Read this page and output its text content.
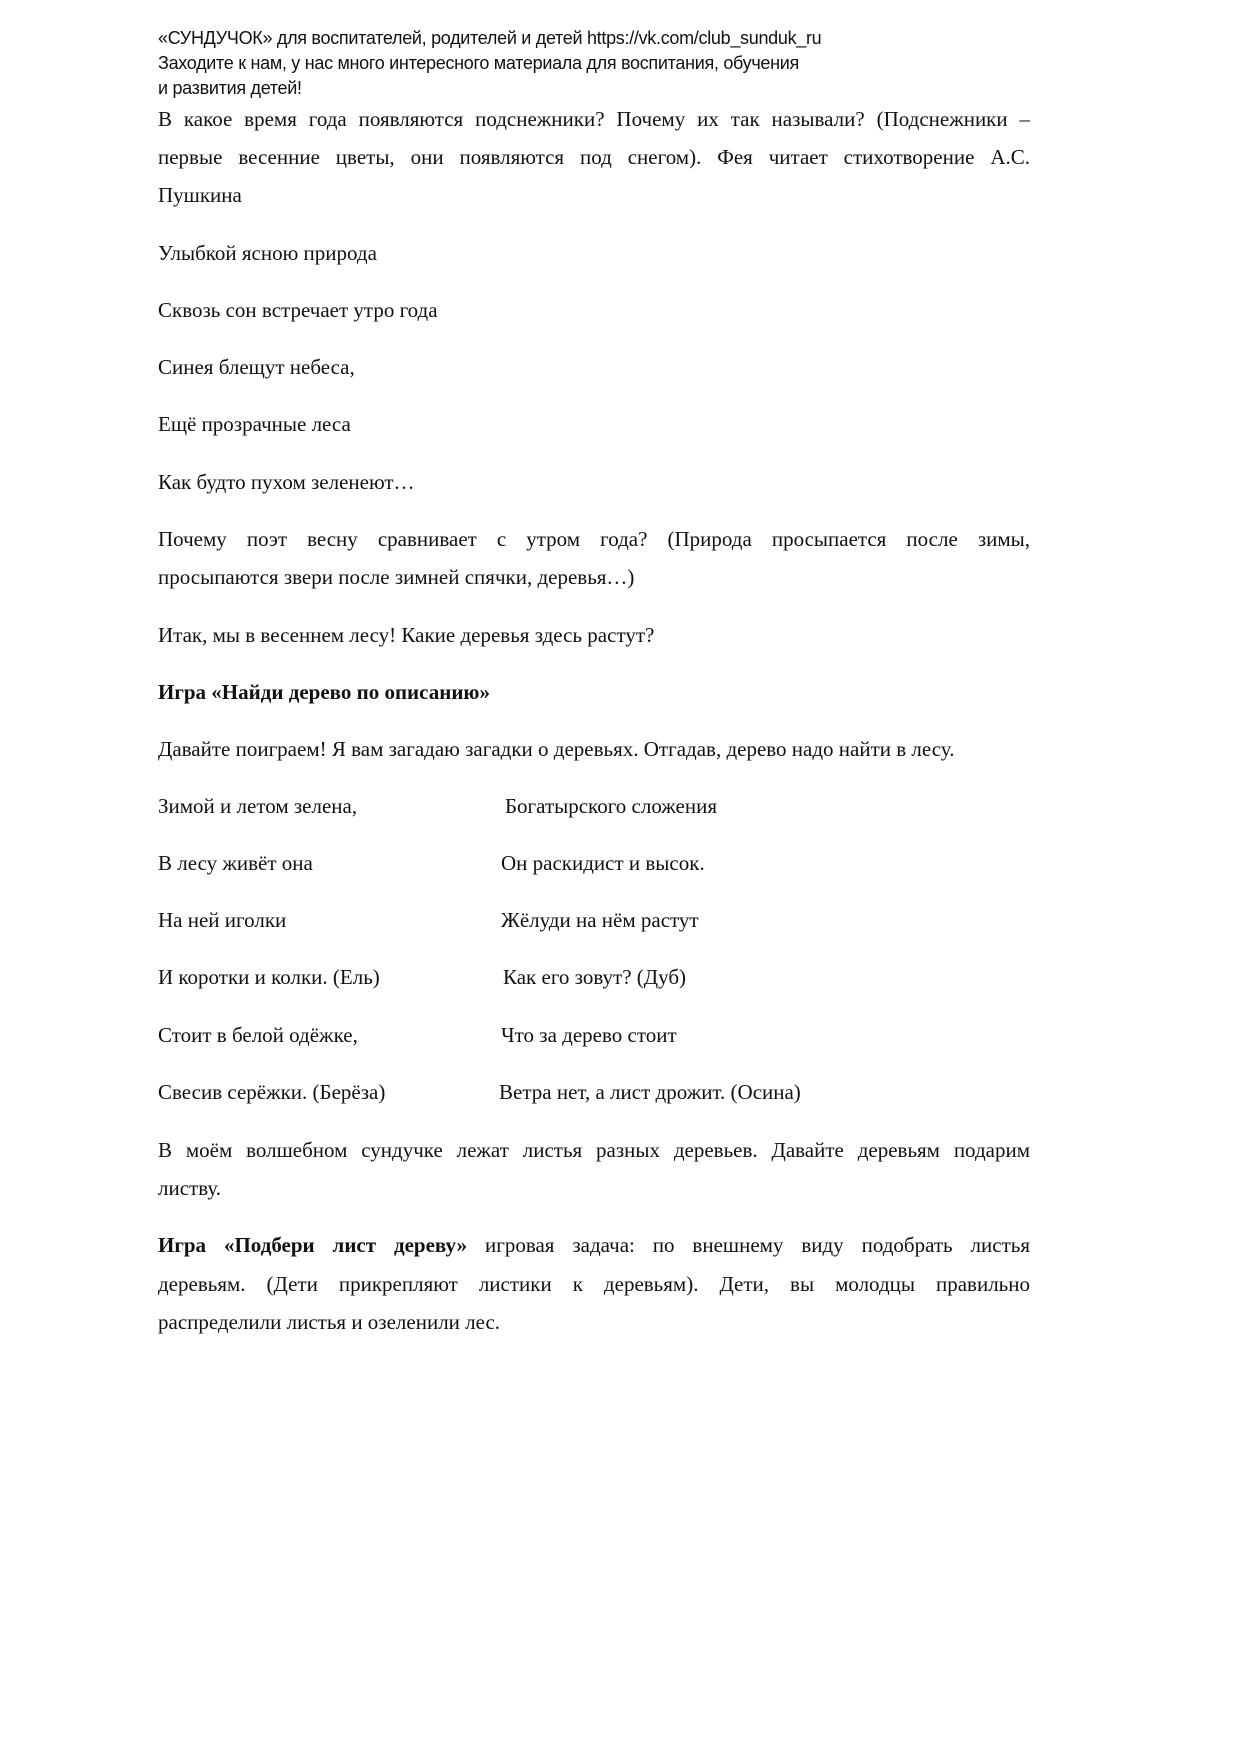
«СУНДУЧОК» для воспитателей, родителей и детей https://vk.com/club_sunduk_ru
Заходите к нам, у нас много интересного материала для воспитания, обучения
и развития детей!
В какое время года появляются подснежники? Почему их так называли? (Подснежники –
первые весенние цветы, они появляются под снегом). Фея читает стихотворение А.С.
Пушкина
Улыбкой ясною природа
Сквозь сон встречает утро года
Синея блещут небеса,
Ещё прозрачные леса
Как будто пухом зеленеют…
Почему поэт весну сравнивает с утром года? (Природа просыпается после зимы,
просыпаются звери после зимней спячки, деревья…)
Итак, мы в весеннем лесу! Какие деревья здесь растут?
Игра «Найди дерево по описанию»
Давайте поиграем! Я вам загадаю загадки о деревьях. Отгадав, дерево надо найти в лесу.
Зимой и летом зелена,	Богатырского сложения
В лесу живёт она	Он раскидист и высок.
На ней иголки	Жёлуди на нём растут
И коротки и колки. (Ель)	Как его зовут? (Дуб)
Стоит в белой одёжке,	Что за дерево стоит
Свесив серёжки. (Берёза)	Ветра нет, а лист дрожит. (Осина)
В моём волшебном сундучке лежат листья разных деревьев. Давайте деревьям подарим
листву.
Игра «Подбери лист дереву» игровая задача: по внешнему виду подобрать листья
деревьям. (Дети прикрепляют листики к деревьям). Дети, вы молодцы правильно
распределили листья и озеленили лес.
